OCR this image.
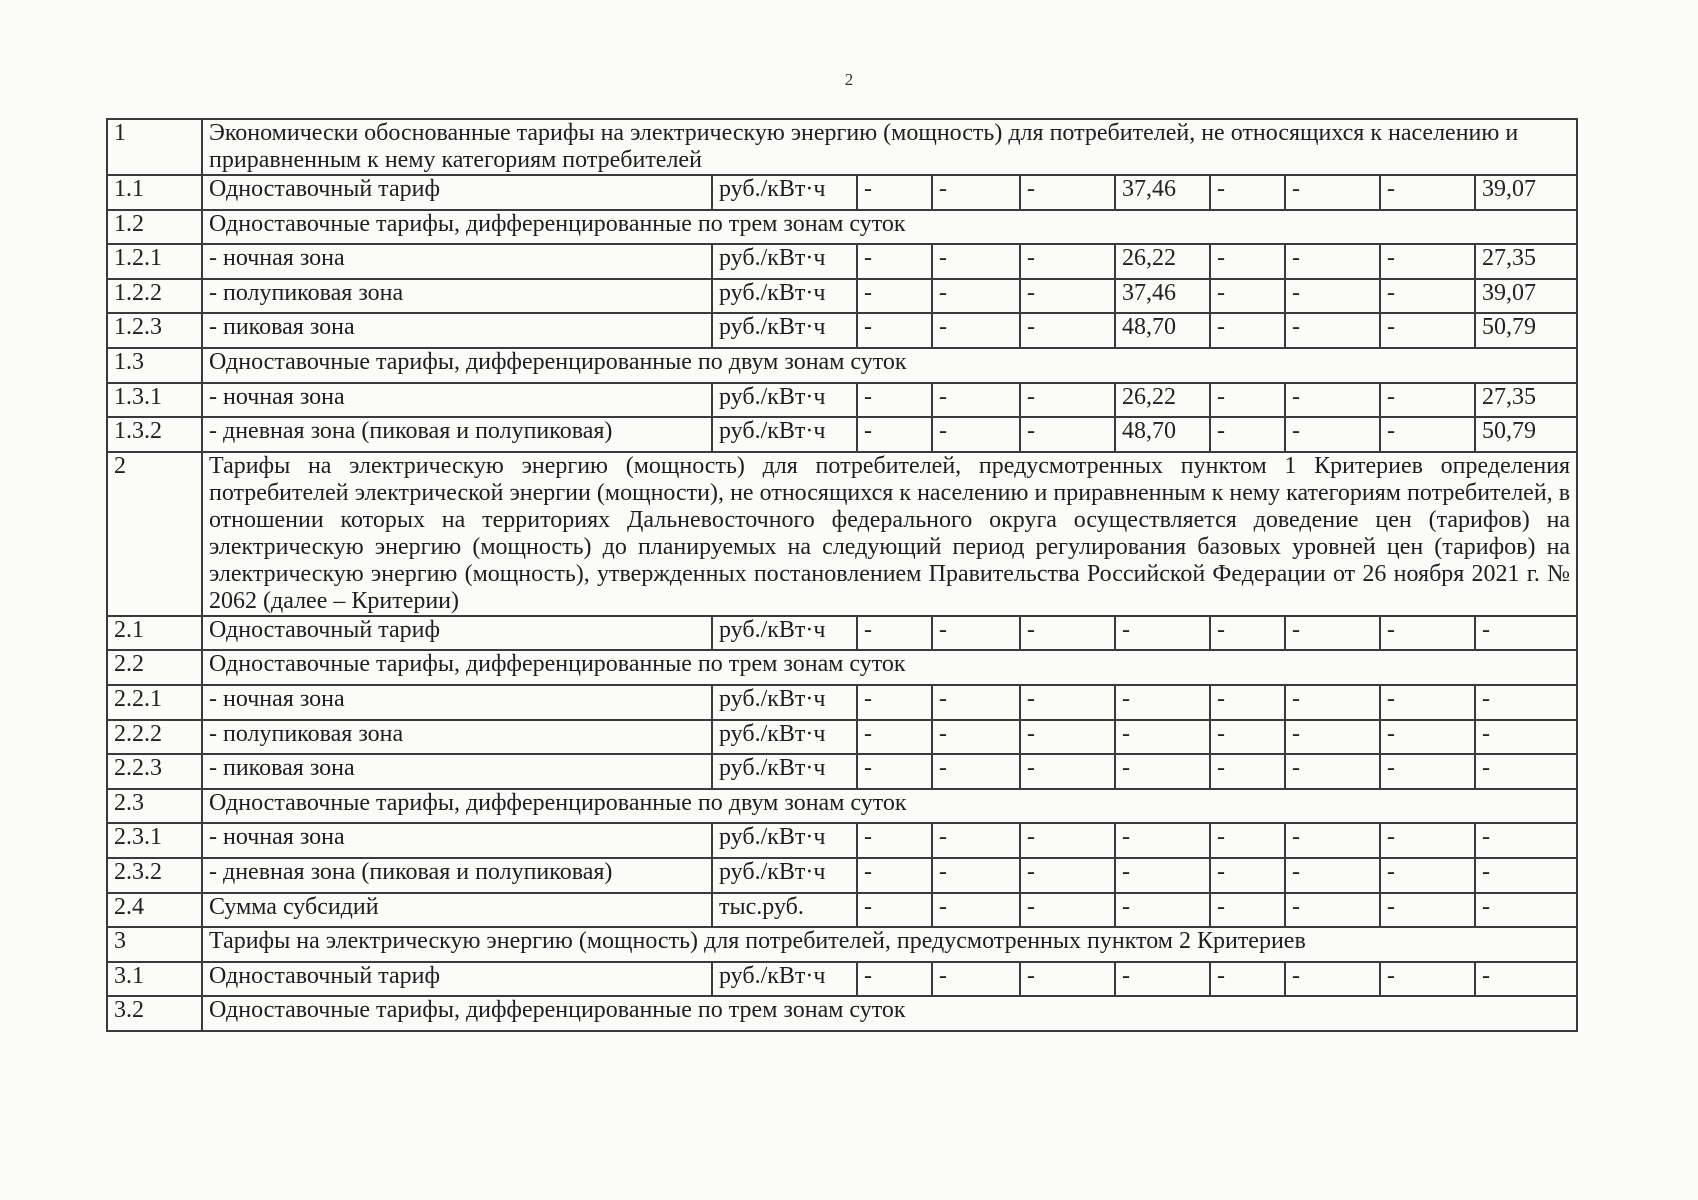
2
1	Экономически обоснованные тарифы на электрическую энергию (мощность) для потребителей, не относящихся к населению и приравненным к нему категориям потребителей									
1.1	Одноставочный тариф	руб./кВт·ч	-	-	-	37,46	-	-	-	39,07
1.2	Одноставочные тарифы, дифференцированные по трем зонам суток									
1.2.1	- ночная зона	руб./кВт·ч	-	-	-	26,22	-	-	-	27,35
1.2.2	- полупиковая зона	руб./кВт·ч	-	-	-	37,46	-	-	-	39,07
1.2.3	- пиковая зона	руб./кВт·ч	-	-	-	48,70	-	-	-	50,79
1.3	Одноставочные тарифы, дифференцированные по двум зонам суток									
1.3.1	- ночная зона	руб./кВт·ч	-	-	-	26,22	-	-	-	27,35
1.3.2	- дневная зона (пиковая и полупиковая)	руб./кВт·ч	-	-	-	48,70	-	-	-	50,79
2	Тарифы на электрическую энергию (мощность) для потребителей, предусмотренных пунктом 1 Критериев определения потребителей электрической энергии (мощности), не относящихся к населению и приравненным к нему категориям потребителей, в отношении которых на территориях Дальневосточного федерального округа осуществляется доведение цен (тарифов) на электрическую энергию (мощность) до планируемых на следующий период регулирования базовых уровней цен (тарифов) на электрическую энергию (мощность), утвержденных постановлением Правительства Российской Федерации от 26 ноября 2021 г. № 2062 (далее – Критерии)									
2.1	Одноставочный тариф	руб./кВт·ч	-	-	-	-	-	-	-	-
2.2	Одноставочные тарифы, дифференцированные по трем зонам суток									
2.2.1	- ночная зона	руб./кВт·ч	-	-	-	-	-	-	-	-
2.2.2	- полупиковая зона	руб./кВт·ч	-	-	-	-	-	-	-	-
2.2.3	- пиковая зона	руб./кВт·ч	-	-	-	-	-	-	-	-
2.3	Одноставочные тарифы, дифференцированные по двум зонам суток									
2.3.1	- ночная зона	руб./кВт·ч	-	-	-	-	-	-	-	-
2.3.2	- дневная зона (пиковая и полупиковая)	руб./кВт·ч	-	-	-	-	-	-	-	-
2.4	Сумма субсидий	тыс.руб.	-	-	-	-	-	-	-	-
3	Тарифы на электрическую энергию (мощность) для потребителей, предусмотренных пунктом 2 Критериев									
3.1	Одноставочный тариф	руб./кВт·ч	-	-	-	-	-	-	-	-
3.2	Одноставочные тарифы, дифференцированные по трем зонам суток									
